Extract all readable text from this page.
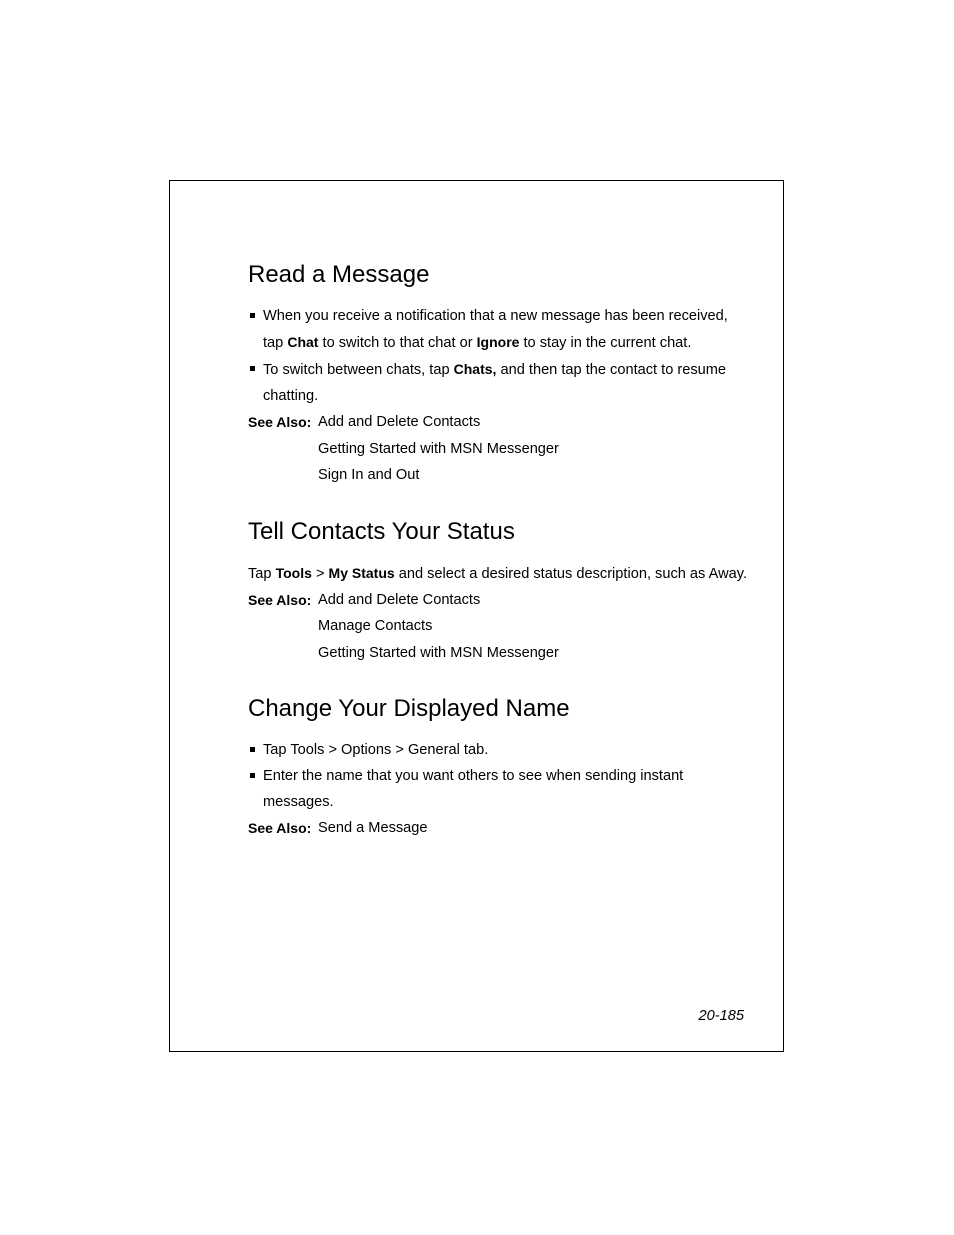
Read a Message
When you receive a notification that a new message has been received, tap Chat to switch to that chat or Ignore to stay in the current chat.
To switch between chats, tap Chats, and then tap the contact to resume chatting.
See Also: Add and Delete Contacts
Getting Started with MSN Messenger
Sign In and Out
Tell Contacts Your Status

Tap Tools > My Status and select a desired status description, such as Away.

See Also: Add and Delete Contacts
Manage Contacts
Getting Started with MSN Messenger
Change Your Displayed Name
Tap Tools > Options > General tab.
Enter the name that you want others to see when sending instant messages.
See Also: Send a Message
20-185
